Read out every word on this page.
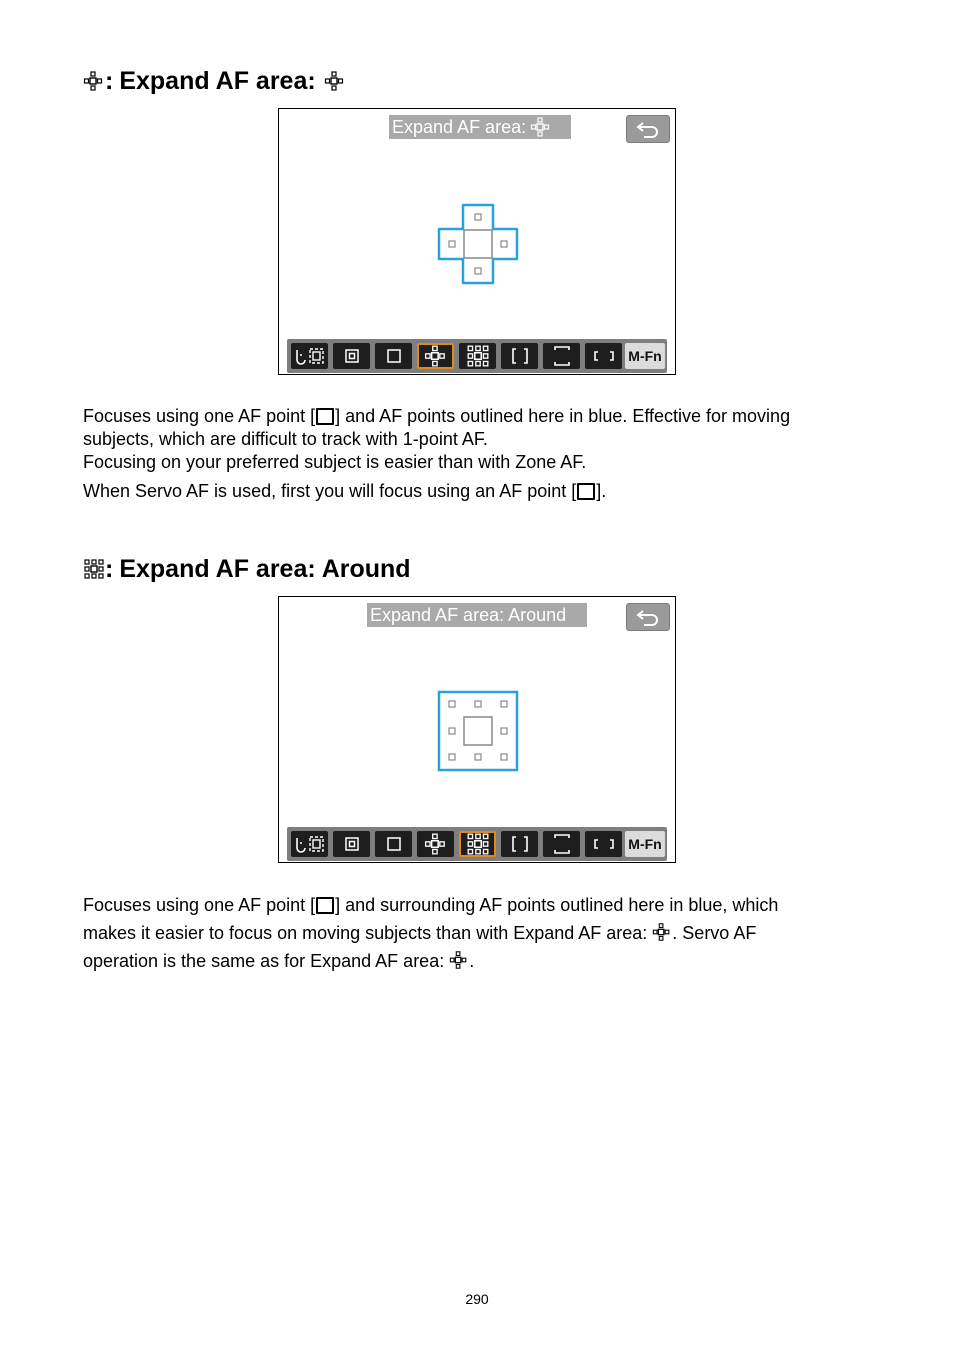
: Expand AF area:
Expand AF area:
M-Fn

Focuses using one AF point [ ] and AF points outlined here in blue. Effective for moving
subjects, which are difficult to track with 1-point AF.
Focusing on your preferred subject is easier than with Zone AF.
When Servo AF is used, first you will focus using an AF point [ ].

: Expand AF area: Around
Expand AF area: Around
M-Fn

Focuses using one AF point [ ] and surrounding AF points outlined here in blue, which
makes it easier to focus on moving subjects than with Expand AF area: . Servo AF
operation is the same as for Expand AF area: .

290
